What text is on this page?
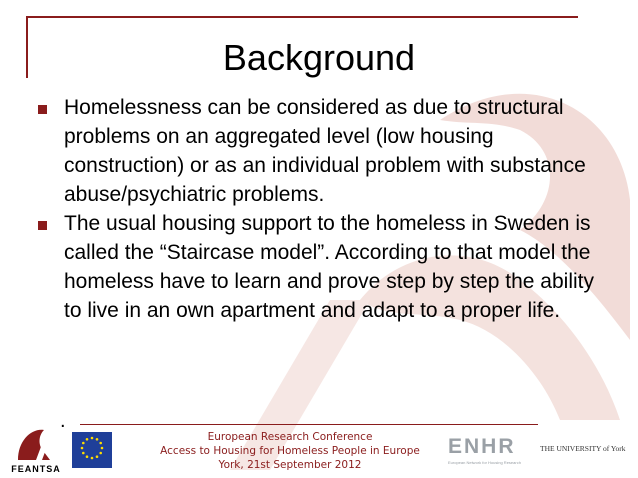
Background
Homelessness can be considered as due to structural problems on an aggregated level (low housing construction) or as an individual problem with substance abuse/psychiatric problems.
The usual housing support to the homeless in Sweden is called the “Staircase model”. According to that model the homeless have to learn and prove step by step the ability to live in an own apartment and adapt to a proper life.
.
FEANTSA
European Research Conference
Access to Housing for Homeless People in Europe
York, 21st September 2012
ENHR
European Network for Housing Research
THE UNIVERSITY of York
